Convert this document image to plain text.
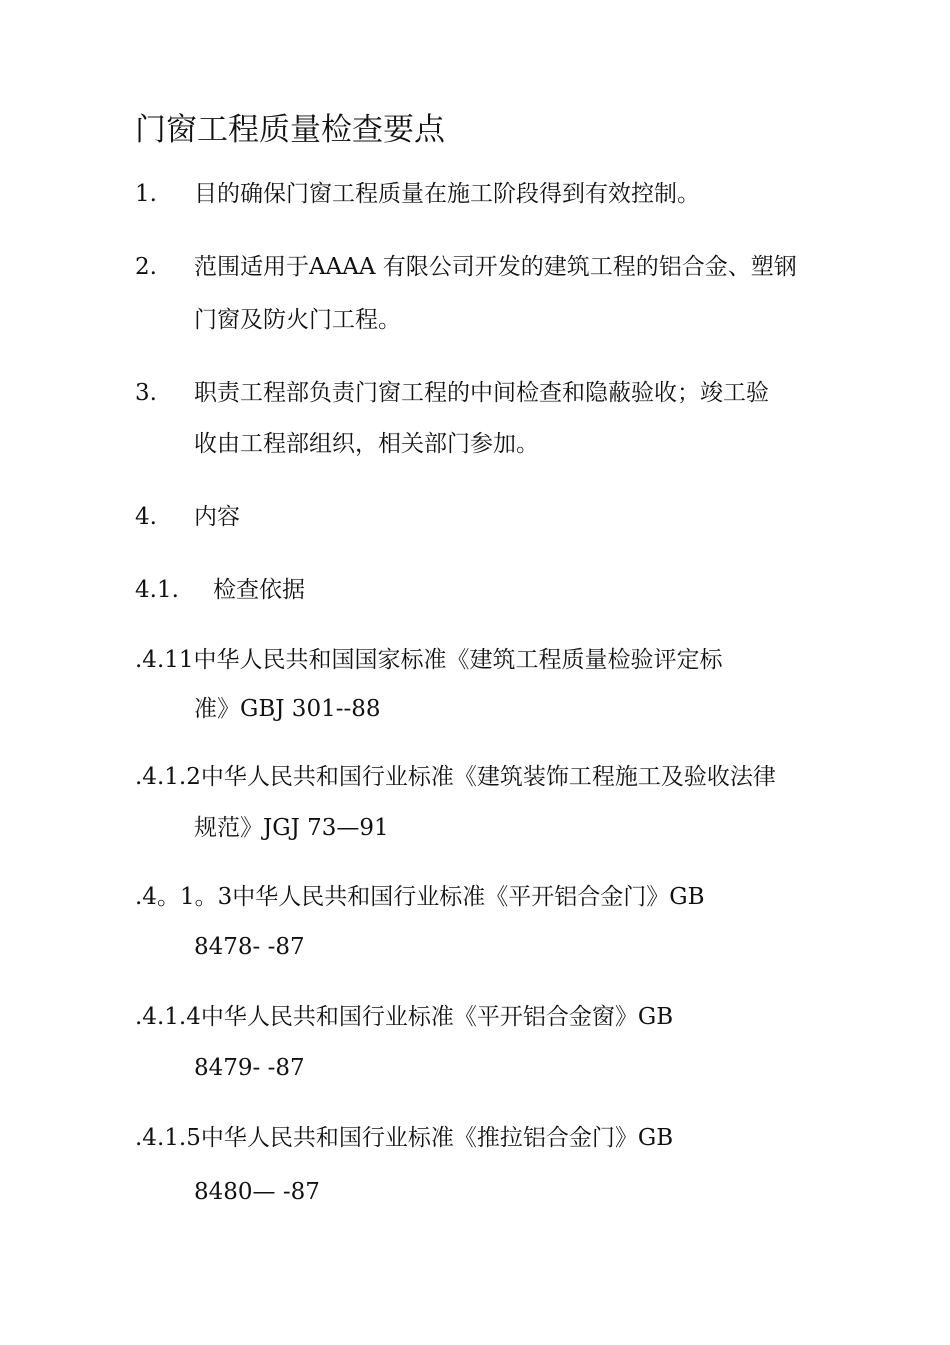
门窗工程质量检查要点
1. 目的确保门窗工程质量在施工阶段得到有效控制。
2. 范围适用于AAAA 有限公司开发的建筑工程的铝合金、塑钢
门窗及防火门工程。
3. 职责工程部负责门窗工程的中间检查和隐蔽验收；竣工验
收由工程部组织，相关部门参加。
4. 内容
4.1. 检查依据
.4.11中华人民共和国国家标准《建筑工程质量检验评定标
准》GBJ 301--88
.4.1.2中华人民共和国行业标准《建筑装饰工程施工及验收法律
规范》JGJ 73—91
.4。1。3中华人民共和国行业标准《平开铝合金门》GB
8478- -87
.4.1.4中华人民共和国行业标准《平开铝合金窗》GB
8479- -87
.4.1.5中华人民共和国行业标准《推拉铝合金门》GB
8480— -87
